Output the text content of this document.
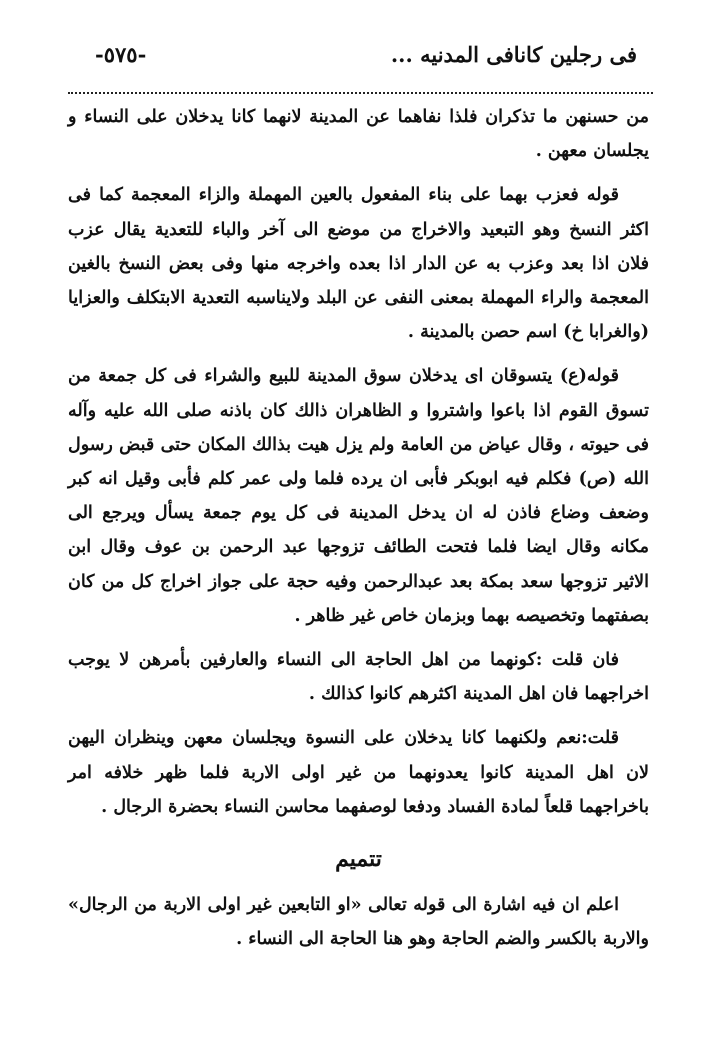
فی رجلین کانافی المدنیه ...
-٥٧٥-

من حسنهن ما تذکران فلذا نفاهما عن المدینة لانهما کانا یدخلان علی النساء و یجلسان معهن .

قوله فعزب بهما علی بناء المفعول بالعین المهملة والزاء المعجمة کما فی اکثر النسخ وهو التبعید والاخراج من موضع الی آخر والباء للتعدیة یقال عزب فلان اذا بعد وعزب به عن الدار اذا بعده واخرجه منها وفی بعض النسخ بالغین المعجمة والراء المهملة بمعنی النفی عن البلد ولایناسبه التعدیة الابتکلف والعزایا (والغرابا خ) اسم حصن بالمدینة .

قوله(ع) یتسوقان ای یدخلان سوق المدینة للبیع والشراء فی کل جمعة من تسوق القوم اذا باعوا واشتروا و الظاهران ذالك کان باذنه صلی الله علیه وآله فی حیوته ، وقال عیاض من العامة ولم یزل هیت بذالك المکان حتی قبض رسول الله (ص) فکلم فیه ابوبکر فأبی ان یرده فلما ولی عمر کلم فأبی وقیل انه کبر وضعف وضاع فاذن له ان یدخل المدینة فی کل یوم جمعة یسأل ویرجع الی مکانه وقال ایضا فلما فتحت الطائف تزوجها عبد الرحمن بن عوف وقال ابن الاثیر تزوجها سعد بمکة بعد عبدالرحمن وفیه حجة علی جواز اخراج کل من کان بصفتهما وتخصیصه بهما وبزمان خاص غیر ظاهر .

فان قلت :کونهما من اهل الحاجة الی النساء والعارفین بأمرهن لا یوجب اخراجهما فان اهل المدینة اکثرهم کانوا کذالك .

قلت:نعم ولکنهما کانا یدخلان علی النسوة ویجلسان معهن وینظران الیهن لان اهل المدینة کانوا یعدونهما من غیر اولی الاربة فلما ظهر خلافه امر باخراجهما قلعاً لمادة الفساد ودفعا لوصفهما محاسن النساء بحضرة الرجال .

تتمیم

اعلم ان فیه اشارة الی قوله تعالی «او التابعین غیر اولی الاربة من الرجال» والاربة بالکسر والضم الحاجة وهو هنا الحاجة الی النساء .
